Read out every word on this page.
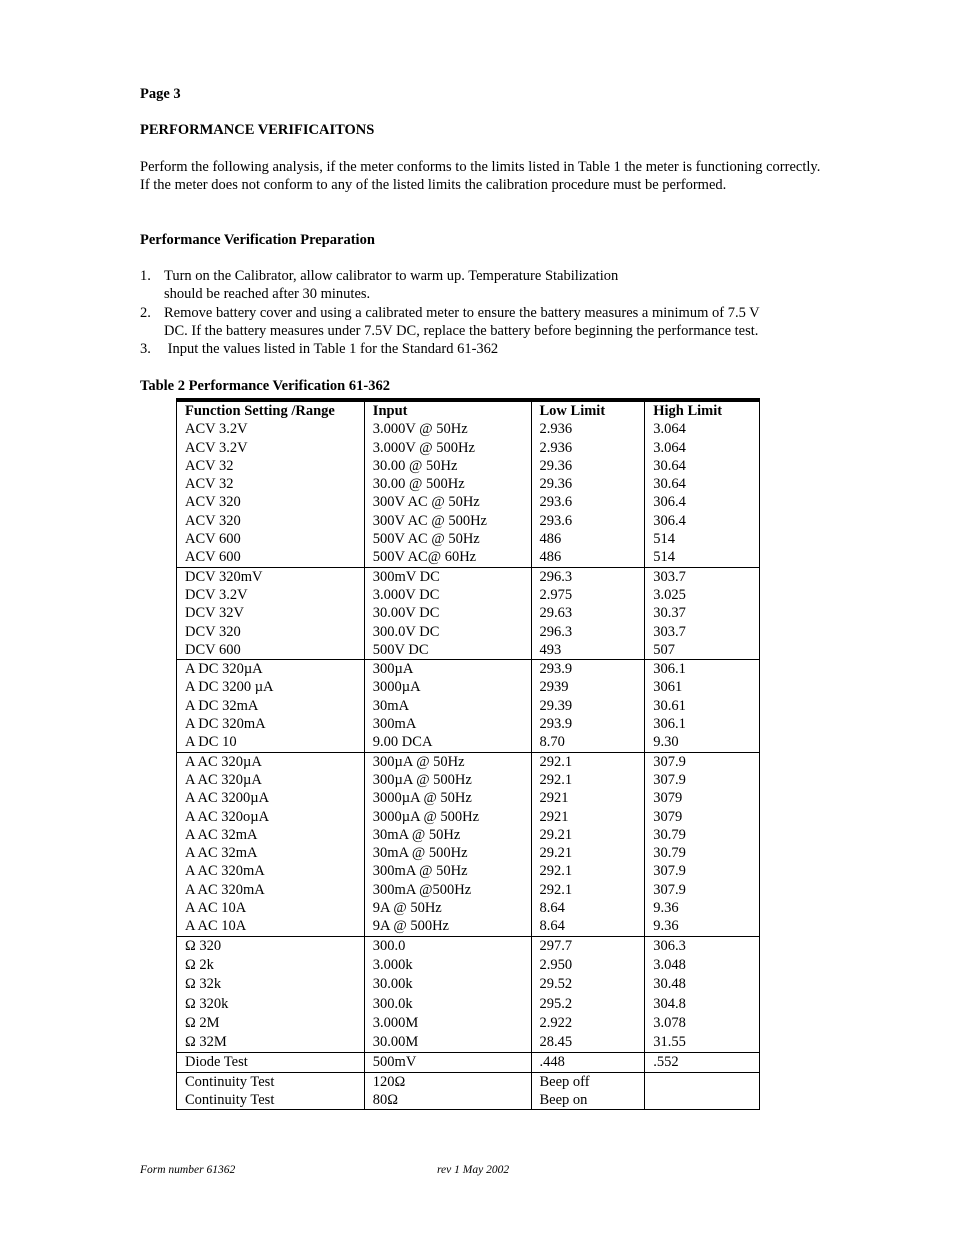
Page 3
PERFORMANCE VERIFICAITONS
Perform the following analysis, if the meter conforms to the limits listed in Table 1 the meter is functioning correctly. If the meter does not conform to any of the listed limits the calibration procedure must be performed.
Performance Verification Preparation
1. Turn on the Calibrator, allow calibrator to warm up. Temperature Stabilization
should be reached after 30 minutes.
2. Remove battery cover and using a calibrated meter to ensure the battery measures a minimum of 7.5 V
DC. If the battery measures under 7.5V DC, replace the battery before beginning the performance test.
3. Input the values listed in Table 1 for the Standard 61-362
Table 2 Performance Verification 61-362
Function Setting /Range	Input	Low Limit	High Limit
ACV 3.2V	3.000V @ 50Hz	2.936	3.064
ACV 3.2V	3.000V @ 500Hz	2.936	3.064
ACV 32	30.00 @ 50Hz	29.36	30.64
ACV 32	30.00 @ 500Hz	29.36	30.64
ACV 320	300V AC @ 50Hz	293.6	306.4
ACV 320	300V AC @ 500Hz	293.6	306.4
ACV 600	500V AC @ 50Hz	486	514
ACV 600	500V AC@ 60Hz	486	514
DCV 320mV	300mV DC	296.3	303.7
DCV 3.2V	3.000V DC	2.975	3.025
DCV 32V	30.00V DC	29.63	30.37
DCV 320	300.0V DC	296.3	303.7
DCV 600	500V DC	493	507
A DC 320µA	300µA	293.9	306.1
A DC 3200 µA	3000µA	2939	3061
A DC 32mA	30mA	29.39	30.61
A DC 320mA	300mA	293.9	306.1
A DC 10	9.00 DCA	8.70	9.30
A AC 320µA	300µA @ 50Hz	292.1	307.9
A AC 320µA	300µA @ 500Hz	292.1	307.9
A AC 3200µA	3000µA @ 50Hz	2921	3079
A AC 320oµA	3000µA @ 500Hz	2921	3079
A AC 32mA	30mA @ 50Hz	29.21	30.79
A AC 32mA	30mA @ 500Hz	29.21	30.79
A AC 320mA	300mA @ 50Hz	292.1	307.9
A AC 320mA	300mA @500Hz	292.1	307.9
A AC 10A	9A @ 50Hz	8.64	9.36
A AC 10A	9A @ 500Hz	8.64	9.36
Ω 320	300.0	297.7	306.3
Ω 2k	3.000k	2.950	3.048
Ω 32k	30.00k	29.52	30.48
Ω 320k	300.0k	295.2	304.8
Ω 2M	3.000M	2.922	3.078
Ω 32M	30.00M	28.45	31.55
Diode Test	500mV	.448	.552
Continuity Test	120Ω	Beep off	
Continuity Test	80Ω	Beep on	
Form number 61362	rev 1 May 2002
